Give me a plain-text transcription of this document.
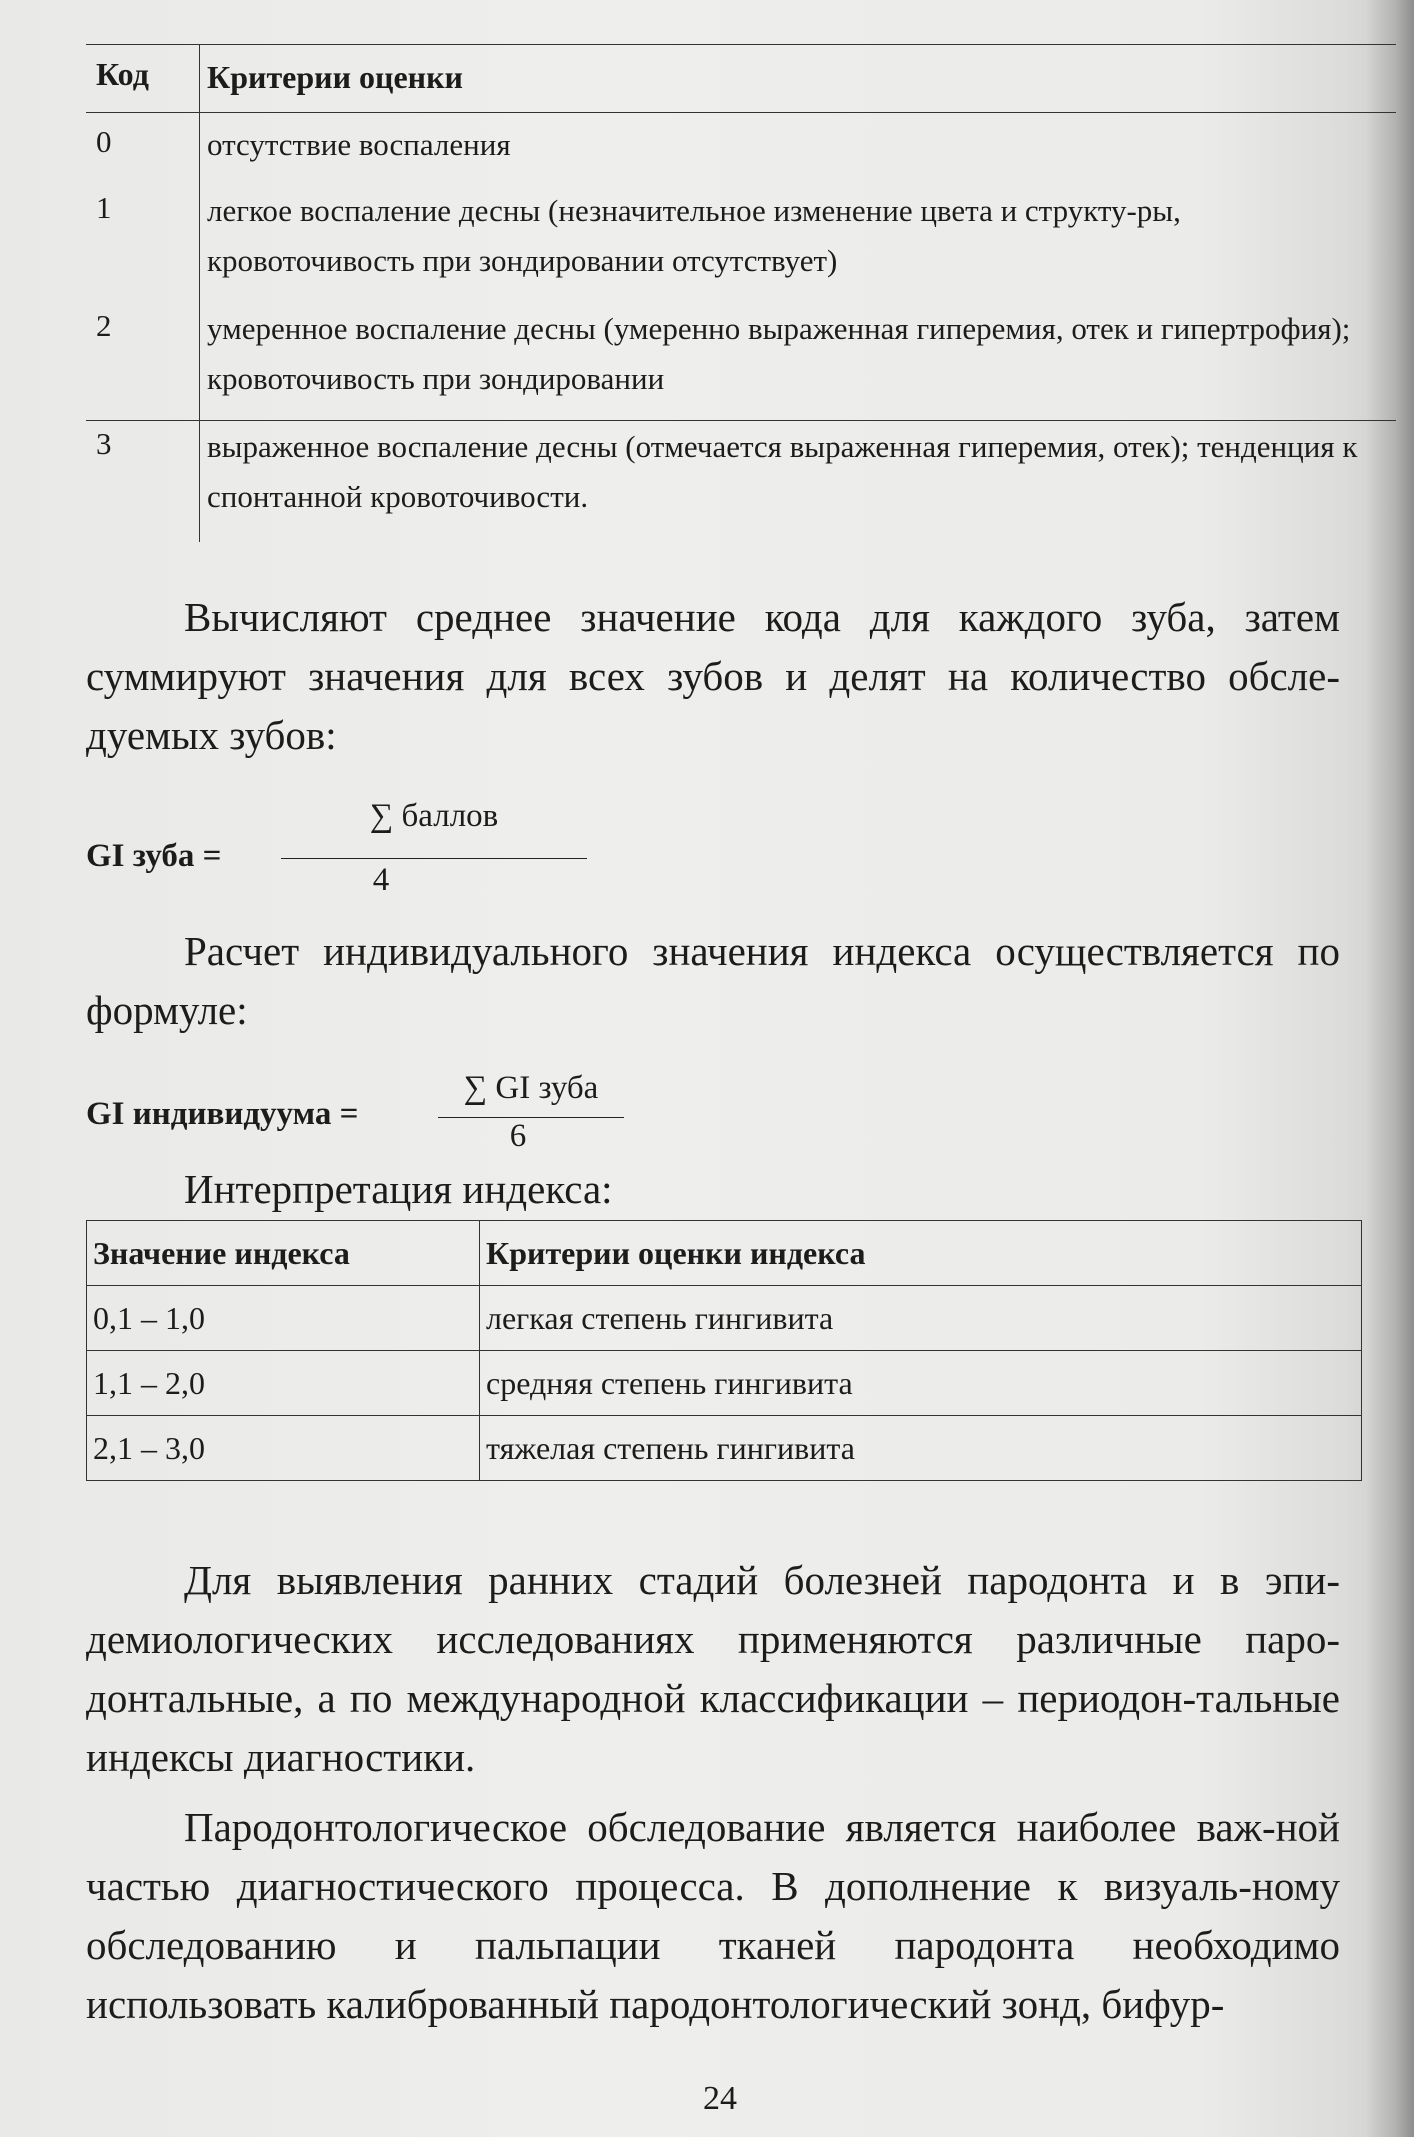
Код Критерии оценки
0	отсутствие воспаления
1	легкое воспаление десны (незначительное изменение цвета и структу-ры, кровоточивость при зондировании отсутствует)
2	умеренное воспаление десны (умеренно выраженная гиперемия, отек и гипертрофия); кровоточивость при зондировании
3	выраженное воспаление десны (отмечается выраженная гиперемия, отек); тенденция к спонтанной кровоточивости.
Вычисляют среднее значение кода для каждого зуба, затем суммируют значения для всех зубов и делят на количество обсле-дуемых зубов:
GI зуба =
∑ баллов
4
Расчет индивидуального значения индекса осуществляется по формуле:
GI индивидуума =
∑ GI зуба
6
Интерпретация индекса:
Значение индекса	Критерии оценки индекса
0,1 – 1,0	легкая степень гингивита
1,1 – 2,0	средняя степень гингивита
2,1 – 3,0	тяжелая степень гингивита
Для выявления ранних стадий болезней пародонта и в эпи-демиологических исследованиях применяются различные паро-донтальные, а по международной классификации – периодон-тальные индексы диагностики.
Пародонтологическое обследование является наиболее важ-ной частью диагностического процесса. В дополнение к визуаль-ному обследованию и пальпации тканей пародонта необходимо использовать калиброванный пародонтологический зонд, бифур-
24
